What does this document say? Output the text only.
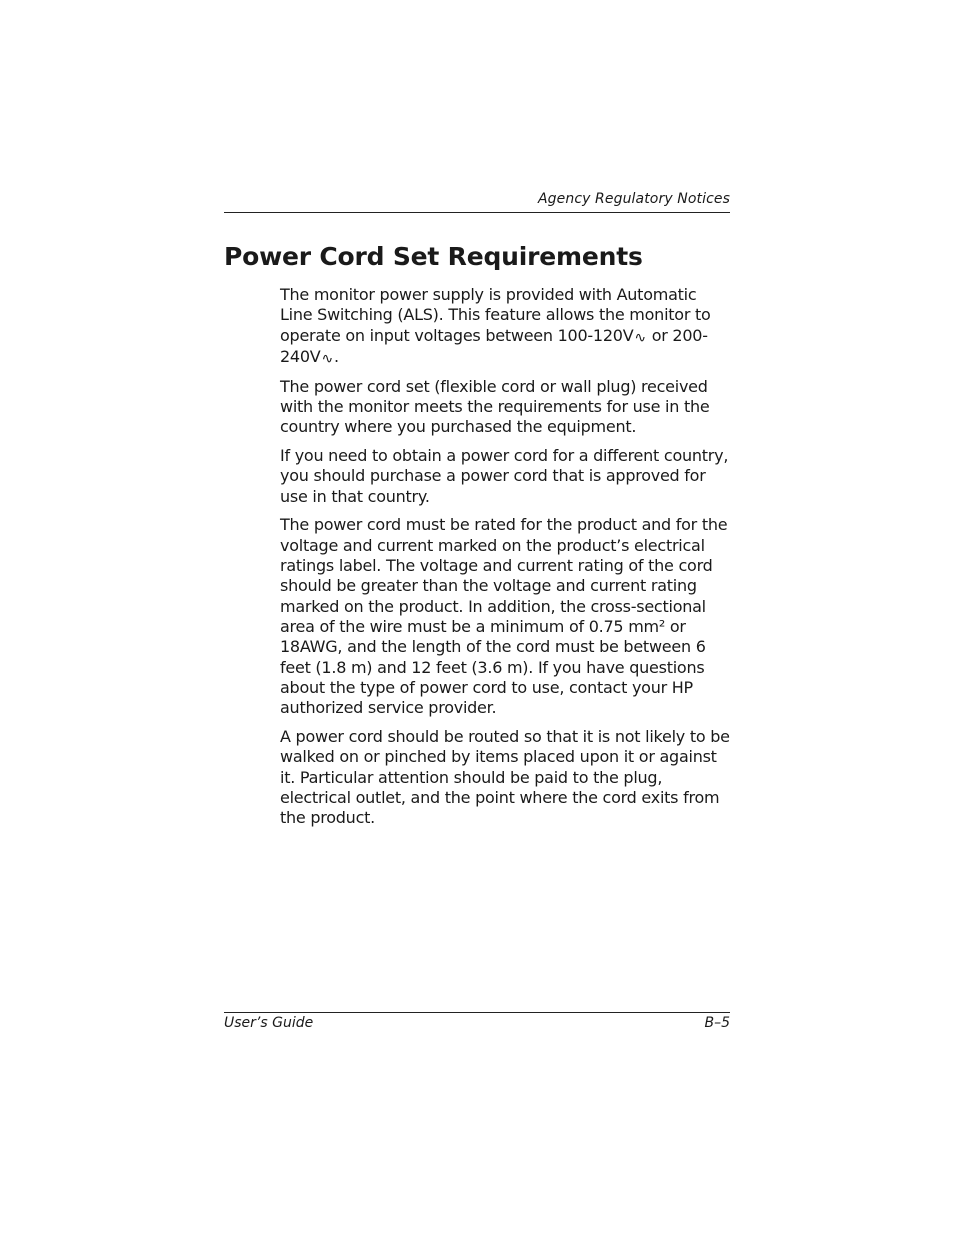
Agency Regulatory Notices
Power Cord Set Requirements

The monitor power supply is provided with Automatic Line Switching (ALS). This feature allows the monitor to operate on input voltages between 100-120V∿ or 200-240V∿.

The power cord set (flexible cord or wall plug) received with the monitor meets the requirements for use in the country where you purchased the equipment.

If you need to obtain a power cord for a different country, you should purchase a power cord that is approved for use in that country.

The power cord must be rated for the product and for the voltage and current marked on the product’s electrical ratings label. The voltage and current rating of the cord should be greater than the voltage and current rating marked on the product. In addition, the cross-sectional area of the wire must be a minimum of 0.75 mm² or 18AWG, and the length of the cord must be between 6 feet (1.8 m) and 12 feet (3.6 m). If you have questions about the type of power cord to use, contact your HP authorized service provider.

A power cord should be routed so that it is not likely to be walked on or pinched by items placed upon it or against it. Particular attention should be paid to the plug, electrical outlet, and the point where the cord exits from the product.

User’s Guide	B–5
